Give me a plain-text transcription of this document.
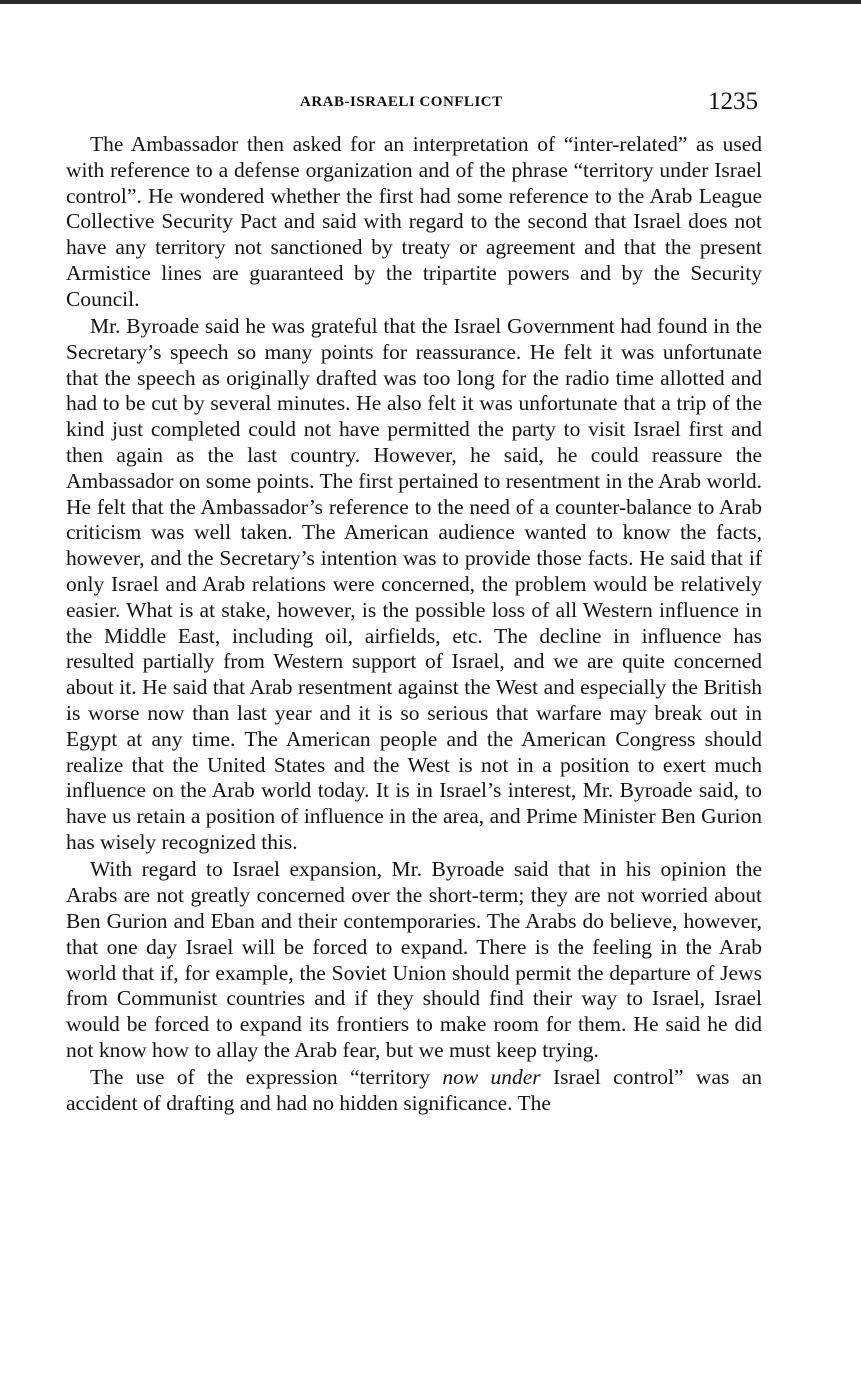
ARAB-ISRAELI CONFLICT	1235

The Ambassador then asked for an interpretation of “inter-related” as used with reference to a defense organization and of the phrase “territory under Israel control”. He wondered whether the first had some reference to the Arab League Collective Security Pact and said with regard to the second that Israel does not have any territory not sanctioned by treaty or agreement and that the present Armistice lines are guaranteed by the tripartite powers and by the Security Council.

Mr. Byroade said he was grateful that the Israel Government had found in the Secretary’s speech so many points for reassurance. He felt it was unfortunate that the speech as originally drafted was too long for the radio time allotted and had to be cut by several minutes. He also felt it was unfortunate that a trip of the kind just completed could not have permitted the party to visit Israel first and then again as the last country. However, he said, he could reassure the Ambassador on some points. The first pertained to resentment in the Arab world. He felt that the Ambassador’s reference to the need of a counter-balance to Arab criticism was well taken. The American audience wanted to know the facts, however, and the Secretary’s intention was to provide those facts. He said that if only Israel and Arab relations were concerned, the problem would be relatively easier. What is at stake, however, is the possible loss of all Western influence in the Middle East, including oil, airfields, etc. The decline in influence has resulted partially from Western support of Israel, and we are quite concerned about it. He said that Arab resentment against the West and especially the British is worse now than last year and it is so serious that warfare may break out in Egypt at any time. The American people and the American Congress should realize that the United States and the West is not in a position to exert much influence on the Arab world today. It is in Israel’s interest, Mr. Byroade said, to have us retain a position of influence in the area, and Prime Minister Ben Gurion has wisely recognized this.

With regard to Israel expansion, Mr. Byroade said that in his opinion the Arabs are not greatly concerned over the short-term; they are not worried about Ben Gurion and Eban and their contemporaries. The Arabs do believe, however, that one day Israel will be forced to expand. There is the feeling in the Arab world that if, for example, the Soviet Union should permit the departure of Jews from Communist countries and if they should find their way to Israel, Israel would be forced to expand its frontiers to make room for them. He said he did not know how to allay the Arab fear, but we must keep trying.

The use of the expression “territory now under Israel control” was an accident of drafting and had no hidden significance. The
